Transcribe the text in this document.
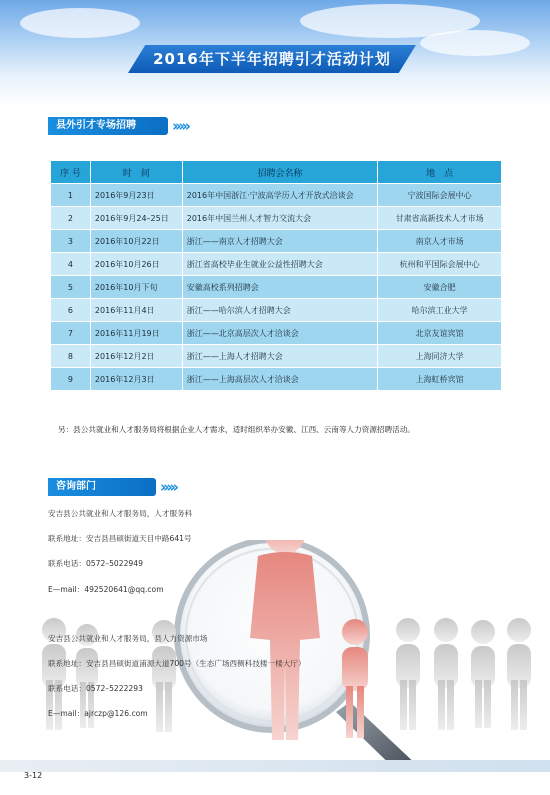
2016年下半年招聘引才活动计划
县外引才专场招聘 ›››››
序 号	时　间	招聘会名称	地　点
1	2016年9月23日	2016年中国浙江·宁波高学历人才开放式洽谈会	宁波国际会展中心
2	2016年9月24–25日	2016年中国兰州人才智力交流大会	甘肃省高新技术人才市场
3	2016年10月22日	浙江——南京人才招聘大会	南京人才市场
4	2016年10月26日	浙江省高校毕业生就业公益性招聘大会	杭州和平国际会展中心
5	2016年10月下旬	安徽高校系列招聘会	安徽合肥
6	2016年11月4日	浙江——哈尔滨人才招聘大会	哈尔滨工业大学
7	2016年11月19日	浙江——北京高层次人才洽谈会	北京友谊宾馆
8	2016年12月2日	浙江——上海人才招聘大会	上海同济大学
9	2016年12月3日	浙江——上海高层次人才洽谈会	上海虹桥宾馆
另：县公共就业和人才服务局将根据企业人才需求，适时组织举办安徽、江西、云南等人力资源招聘活动。
咨询部门	›››››
安吉县公共就业和人才服务局，人才服务科
联系地址：安吉县昌硕街道天目中路641号
联系电话：0572–5022949
E—mail：492520641@qq.com
安吉县公共就业和人才服务局，县人力资源市场
联系地址：安吉县昌硕街道浦源大道700号（生态广场西侧科技楼一楼大厅）
联系电话：0572–5222293
E—mail：ajrczp@126.com
3-12
